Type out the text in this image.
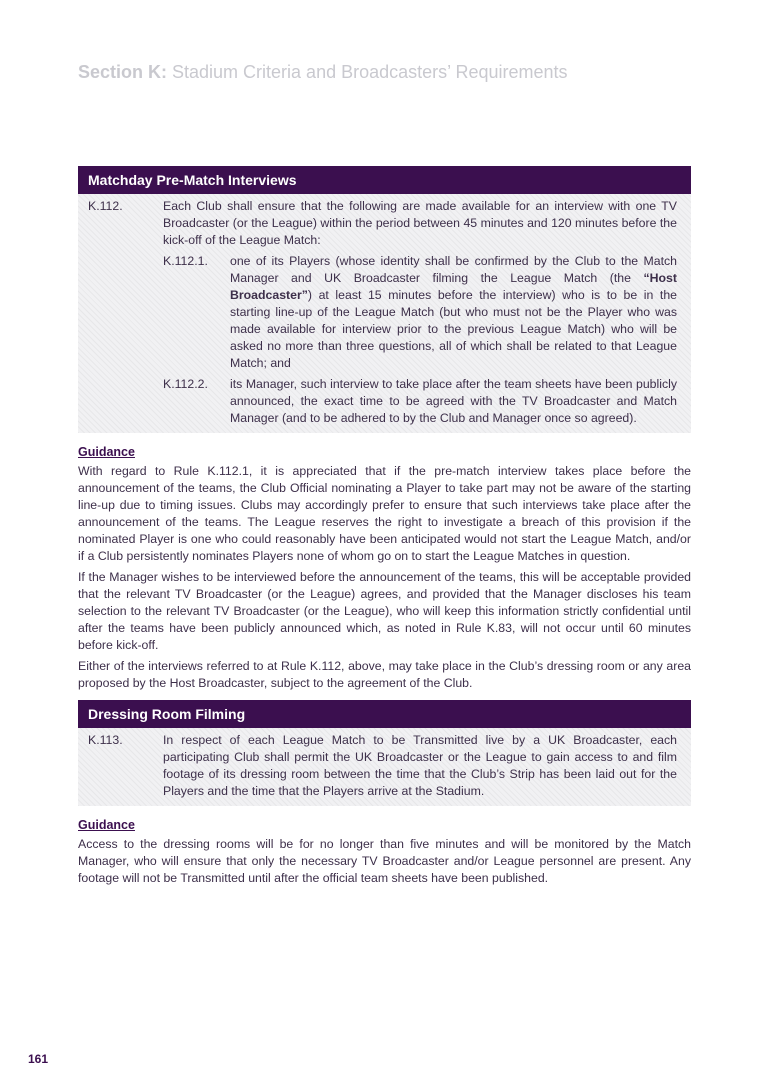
Section K: Stadium Criteria and Broadcasters’ Requirements
Matchday Pre-Match Interviews
K.112.	Each Club shall ensure that the following are made available for an interview with one TV Broadcaster (or the League) within the period between 45 minutes and 120 minutes before the kick-off of the League Match:
K.112.1.	one of its Players (whose identity shall be confirmed by the Club to the Match Manager and UK Broadcaster filming the League Match (the “Host Broadcaster”) at least 15 minutes before the interview) who is to be in the starting line-up of the League Match (but who must not be the Player who was made available for interview prior to the previous League Match) who will be asked no more than three questions, all of which shall be related to that League Match; and
K.112.2.	its Manager, such interview to take place after the team sheets have been publicly announced, the exact time to be agreed with the TV Broadcaster and Match Manager (and to be adhered to by the Club and Manager once so agreed).
Guidance

With regard to Rule K.112.1, it is appreciated that if the pre-match interview takes place before the announcement of the teams, the Club Official nominating a Player to take part may not be aware of the starting line-up due to timing issues. Clubs may accordingly prefer to ensure that such interviews take place after the announcement of the teams. The League reserves the right to investigate a breach of this provision if the nominated Player is one who could reasonably have been anticipated would not start the League Match, and/or if a Club persistently nominates Players none of whom go on to start the League Matches in question.

If the Manager wishes to be interviewed before the announcement of the teams, this will be acceptable provided that the relevant TV Broadcaster (or the League) agrees, and provided that the Manager discloses his team selection to the relevant TV Broadcaster (or the League), who will keep this information strictly confidential until after the teams have been publicly announced which, as noted in Rule K.83, will not occur until 60 minutes before kick-off.

Either of the interviews referred to at Rule K.112, above, may take place in the Club’s dressing room or any area proposed by the Host Broadcaster, subject to the agreement of the Club.

Dressing Room Filming
K.113.	In respect of each League Match to be Transmitted live by a UK Broadcaster, each participating Club shall permit the UK Broadcaster or the League to gain access to and film footage of its dressing room between the time that the Club’s Strip has been laid out for the Players and the time that the Players arrive at the Stadium.
Guidance

Access to the dressing rooms will be for no longer than five minutes and will be monitored by the Match Manager, who will ensure that only the necessary TV Broadcaster and/or League personnel are present. Any footage will not be Transmitted until after the official team sheets have been published.

161
